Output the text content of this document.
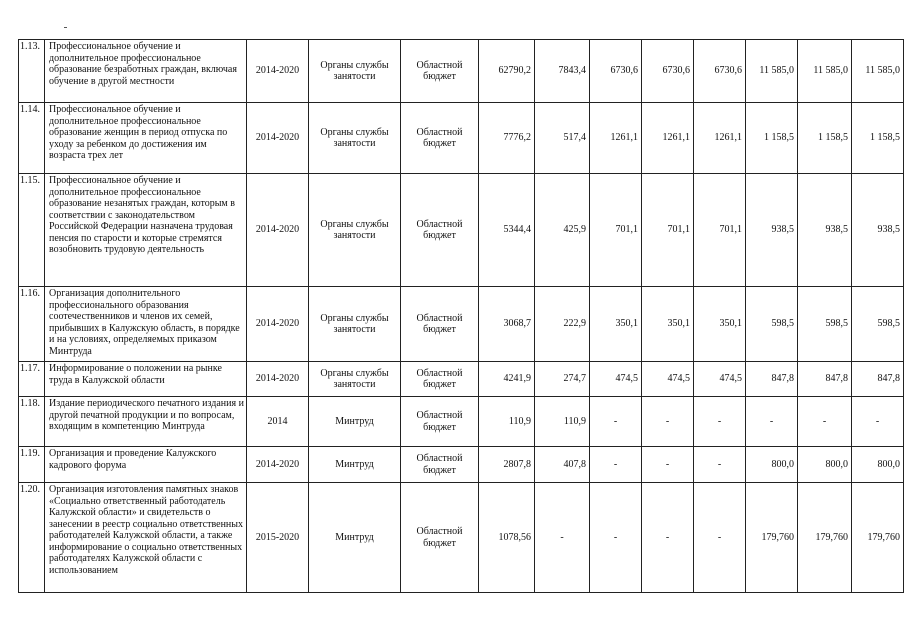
1.13.	Профессиональное обучение и дополнительное профессиональное образование безработных граждан, включая обучение в другой местности	2014-2020	Органы службы занятости	Областной бюджет	62790,2	7843,4	6730,6	6730,6	6730,6	11 585,0	11 585,0	11 585,0
1.14.	Профессиональное обучение и дополнительное профессиональное образование женщин в период отпуска по уходу за ребенком до достижения им возраста трех лет	2014-2020	Органы службы занятости	Областной бюджет	7776,2	517,4	1261,1	1261,1	1261,1	1 158,5	1 158,5	1 158,5
1.15.	Профессиональное обучение и дополнительное профессиональное образование незанятых граждан, которым в соответствии с законодательством Российской Федерации назначена трудовая пенсия по старости и которые стремятся возобновить трудовую деятельность	2014-2020	Органы службы занятости	Областной бюджет	5344,4	425,9	701,1	701,1	701,1	938,5	938,5	938,5
1.16.	Организация дополнительного профессионального образования соотечественников и членов их семей, прибывших в Калужскую область, в порядке и на условиях, определяемых приказом Минтруда	2014-2020	Органы службы занятости	Областной бюджет	3068,7	222,9	350,1	350,1	350,1	598,5	598,5	598,5
1.17.	Информирование о положении на рынке труда в Калужской области	2014-2020	Органы службы занятости	Областной бюджет	4241,9	274,7	474,5	474,5	474,5	847,8	847,8	847,8
1.18.	Издание периодического печатного издания и другой печатной продукции и по вопросам, входящим в компетенцию Минтруда	2014	Минтруд	Областной бюджет	110,9	110,9	-	-	-	-	-	-
1.19.	Организация и проведение Калужского кадрового форума	2014-2020	Минтруд	Областной бюджет	2807,8	407,8	-	-	-	800,0	800,0	800,0
1.20.	Организация изготовления памятных знаков «Социально ответственный работодатель Калужской области» и свидетельств о занесении в реестр социально ответственных работодателей Калужской области, а также информирование о социально ответственных работодателях Калужской области с использованием	2015-2020	Минтруд	Областной бюджет	1078,56	-	-	-	-	179,760	179,760	179,760
